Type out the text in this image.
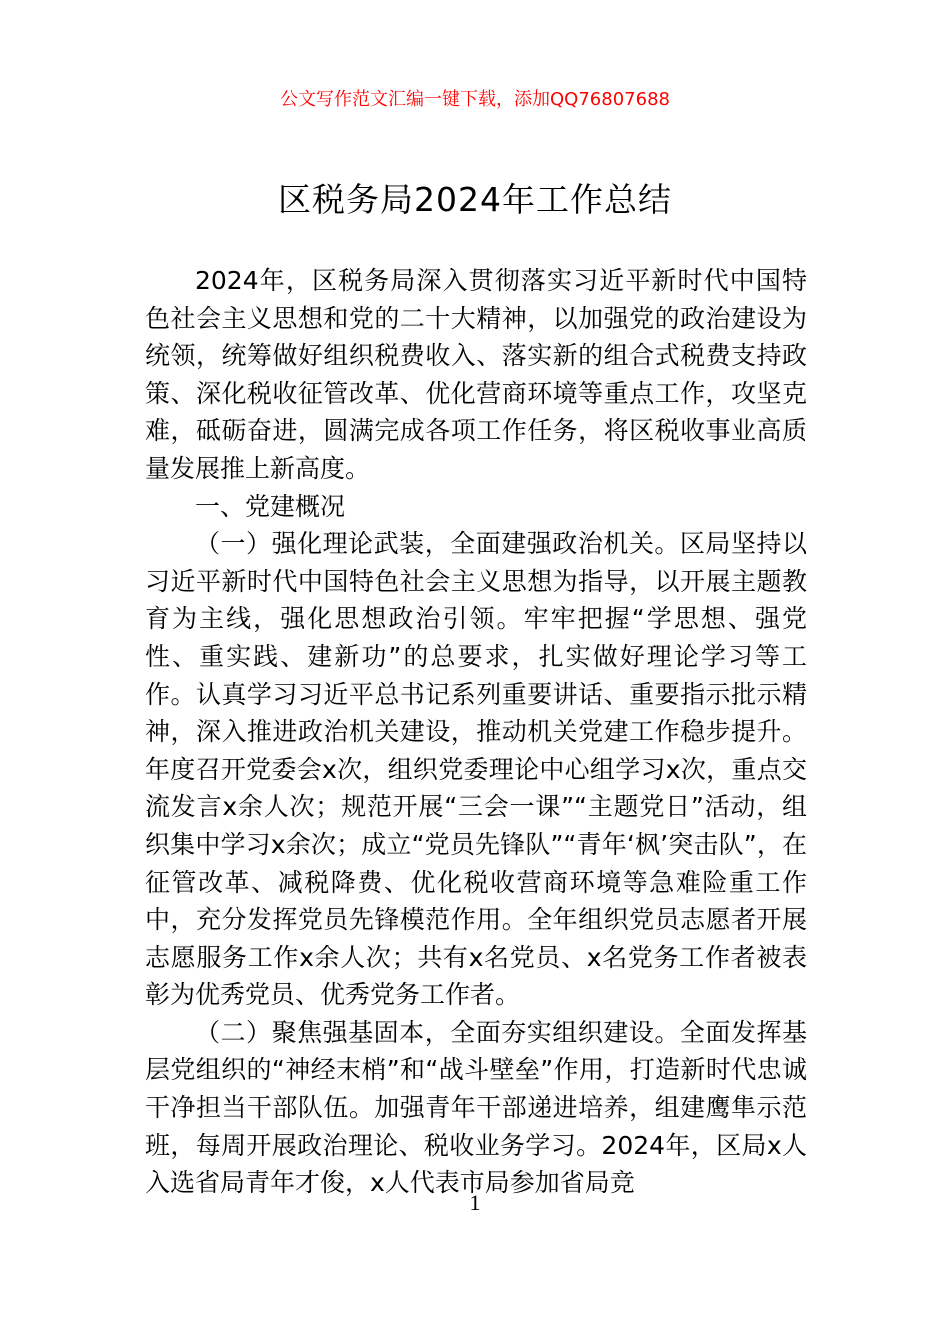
公文写作范文汇编一键下载，添加QQ76807688
区税务局2024年工作总结

2024年，区税务局深入贯彻落实习近平新时代中国特色社会主义思想和党的二十大精神，以加强党的政治建设为统领，统筹做好组织税费收入、落实新的组合式税费支持政策、深化税收征管改革、优化营商环境等重点工作，攻坚克难，砥砺奋进，圆满完成各项工作任务，将区税收事业高质量发展推上新高度。

一、党建概况

（一）强化理论武装，全面建强政治机关。区局坚持以习近平新时代中国特色社会主义思想为指导，以开展主题教育为主线，强化思想政治引领。牢牢把握“学思想、强党性、重实践、建新功”的总要求，扎实做好理论学习等工作。认真学习习近平总书记系列重要讲话、重要指示批示精神，深入推进政治机关建设，推动机关党建工作稳步提升。年度召开党委会x次，组织党委理论中心组学习x次，重点交流发言x余人次；规范开展“三会一课”“主题党日”活动，组织集中学习x余次；成立“党员先锋队”“青年‘枫’突击队”，在征管改革、减税降费、优化税收营商环境等急难险重工作中，充分发挥党员先锋模范作用。全年组织党员志愿者开展志愿服务工作x余人次；共有x名党员、x名党务工作者被表彰为优秀党员、优秀党务工作者。

（二）聚焦强基固本，全面夯实组织建设。全面发挥基层党组织的“神经末梢”和“战斗壁垒”作用，打造新时代忠诚干净担当干部队伍。加强青年干部递进培养，组建鹰隼示范班，每周开展政治理论、税收业务学习。2024年，区局x人入选省局青年才俊，x人代表市局参加省局竞

1
